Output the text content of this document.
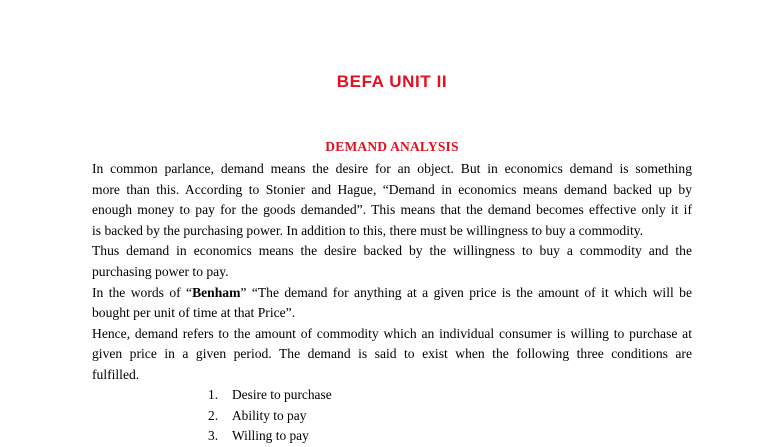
BEFA UNIT II
DEMAND ANALYSIS

In common parlance, demand means the desire for an object. But in economics demand is something
more than this. According to Stonier and Hague, “Demand in economics means demand backed up by
enough money to pay for the goods demanded”. This means that the demand becomes effective only it if
is backed by the purchasing power. In addition to this, there must be willingness to buy a commodity.

Thus demand in economics means the desire backed by the willingness to buy a commodity and the
purchasing power to pay.

In the words of “Benham” “The demand for anything at a given price is the amount of it which will be
bought per unit of time at that Price”.

Hence, demand refers to the amount of commodity which an individual consumer is willing to purchase at
given price in a given period. The demand is said to exist when the following three conditions are
fulfilled.

1.	Desire to purchase
2.	Ability to pay
3.	Willing to pay
